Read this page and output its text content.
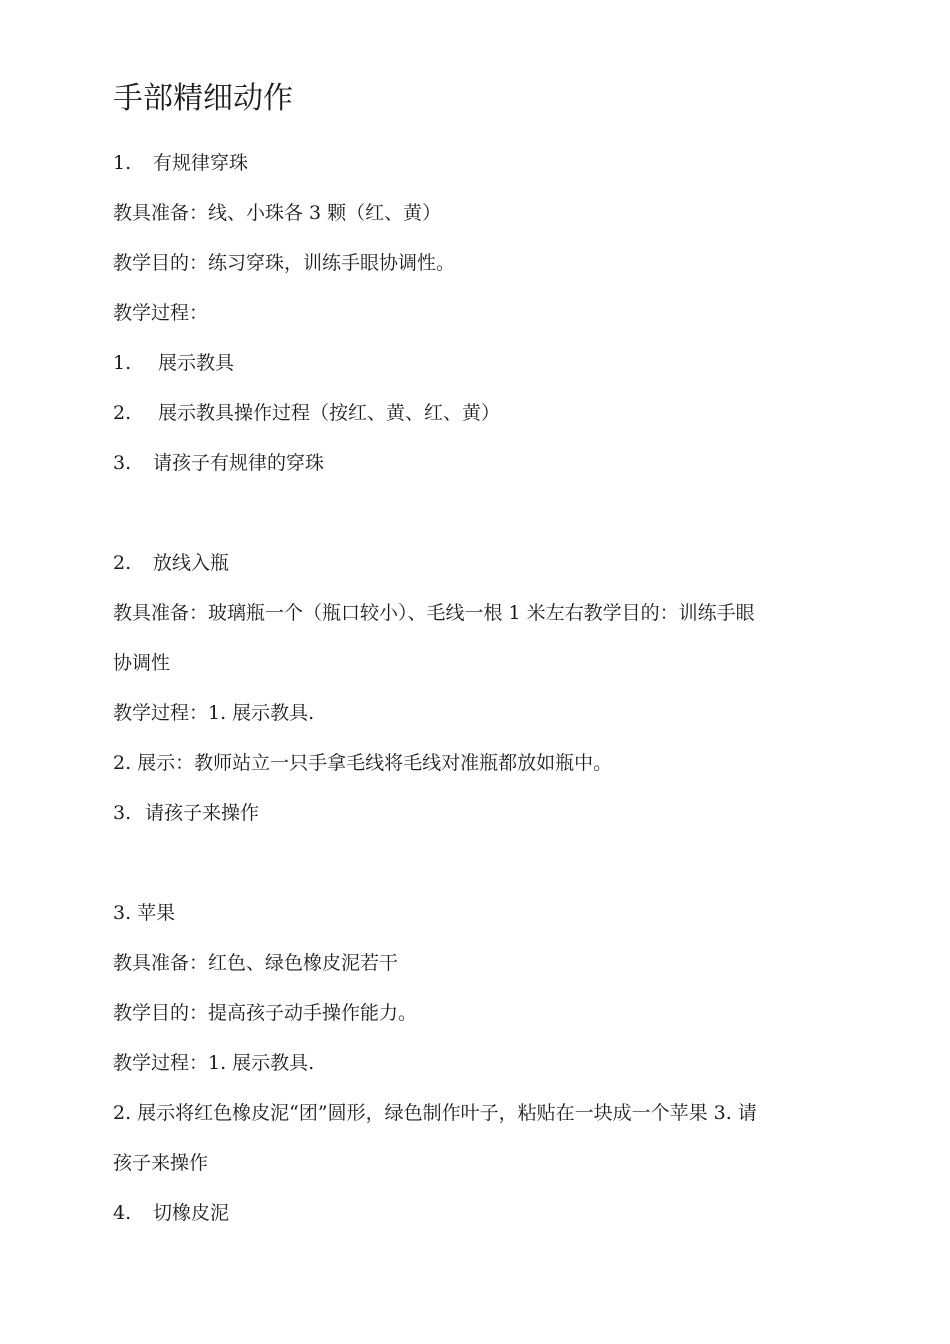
手部精细动作

1. 有规律穿珠

教具准备：线、小珠各 3 颗（红、黄）

教学目的：练习穿珠，训练手眼协调性。

教学过程：

1. 展示教具

2. 展示教具操作过程（按红、黄、红、黄）

3. 请孩子有规律的穿珠

2. 放线入瓶

教具准备：玻璃瓶一个（瓶口较小）、毛线一根 1 米左右教学目的：训练手眼

协调性

教学过程：1. 展示教具.

2. 展示：教师站立一只手拿毛线将毛线对准瓶都放如瓶中。

3. 请孩子来操作

3. 苹果

教具准备：红色、绿色橡皮泥若干

教学目的：提高孩子动手操作能力。

教学过程：1. 展示教具.

2. 展示将红色橡皮泥“团”圆形，绿色制作叶子，粘贴在一块成一个苹果 3. 请

孩子来操作

4. 切橡皮泥
